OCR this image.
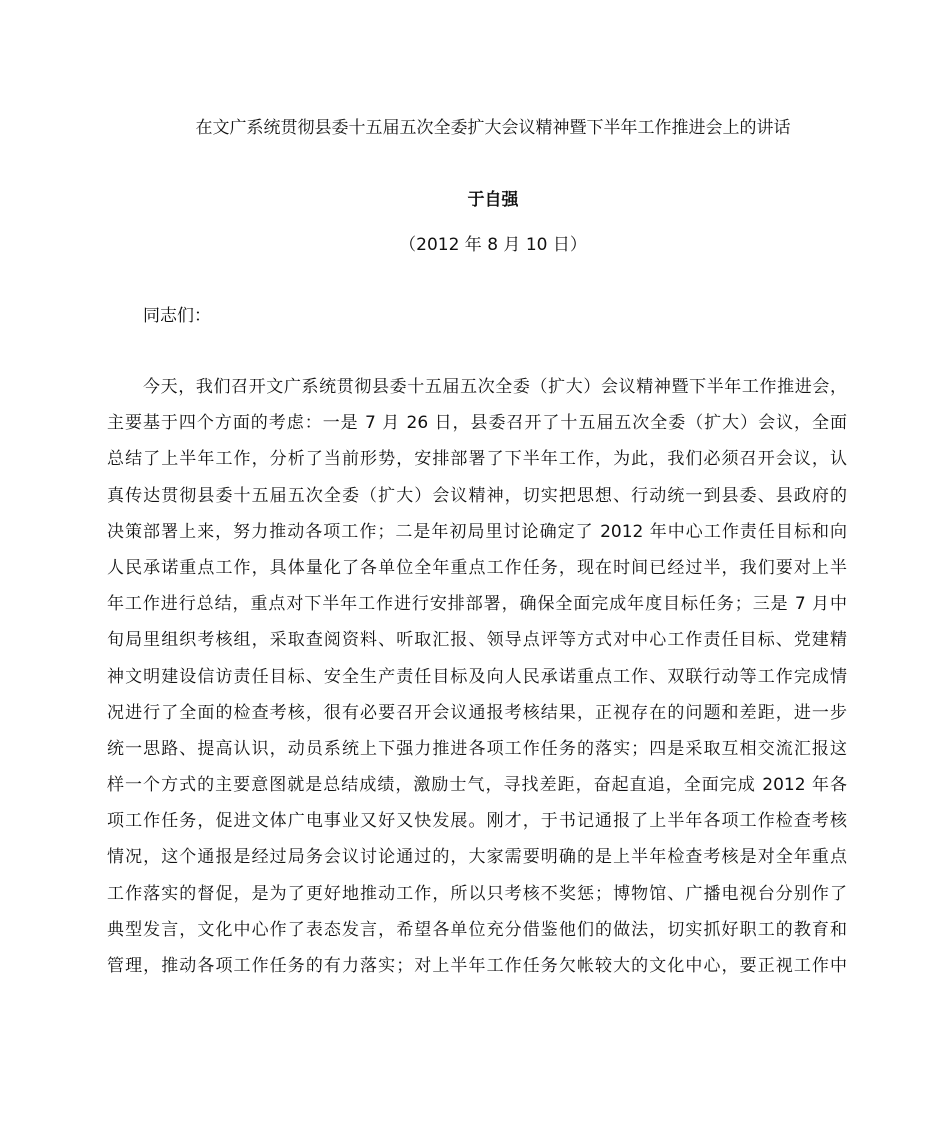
在文广系统贯彻县委十五届五次全委扩大会议精神暨下半年工作推进会上的讲话
于自强
（2012 年 8 月 10 日）
同志们：
今天，我们召开文广系统贯彻县委十五届五次全委（扩大）会议精神暨下半年工作推进会，
主要基于四个方面的考虑：一是 7 月 26 日，县委召开了十五届五次全委（扩大）会议，全面
总结了上半年工作，分析了当前形势，安排部署了下半年工作，为此，我们必须召开会议，认
真传达贯彻县委十五届五次全委（扩大）会议精神，切实把思想、行动统一到县委、县政府的
决策部署上来，努力推动各项工作；二是年初局里讨论确定了 2012 年中心工作责任目标和向
人民承诺重点工作，具体量化了各单位全年重点工作任务，现在时间已经过半，我们要对上半
年工作进行总结，重点对下半年工作进行安排部署，确保全面完成年度目标任务；三是 7 月中
旬局里组织考核组，采取查阅资料、听取汇报、领导点评等方式对中心工作责任目标、党建精
神文明建设信访责任目标、安全生产责任目标及向人民承诺重点工作、双联行动等工作完成情
况进行了全面的检查考核，很有必要召开会议通报考核结果，正视存在的问题和差距，进一步
统一思路、提高认识，动员系统上下强力推进各项工作任务的落实；四是采取互相交流汇报这
样一个方式的主要意图就是总结成绩，激励士气，寻找差距，奋起直追，全面完成 2012 年各
项工作任务，促进文体广电事业又好又快发展。刚才，于书记通报了上半年各项工作检查考核
情况，这个通报是经过局务会议讨论通过的，大家需要明确的是上半年检查考核是对全年重点
工作落实的督促，是为了更好地推动工作，所以只考核不奖惩；博物馆、广播电视台分别作了
典型发言，文化中心作了表态发言，希望各单位充分借鉴他们的做法，切实抓好职工的教育和
管理，推动各项工作任务的有力落实；对上半年工作任务欠帐较大的文化中心，要正视工作中
